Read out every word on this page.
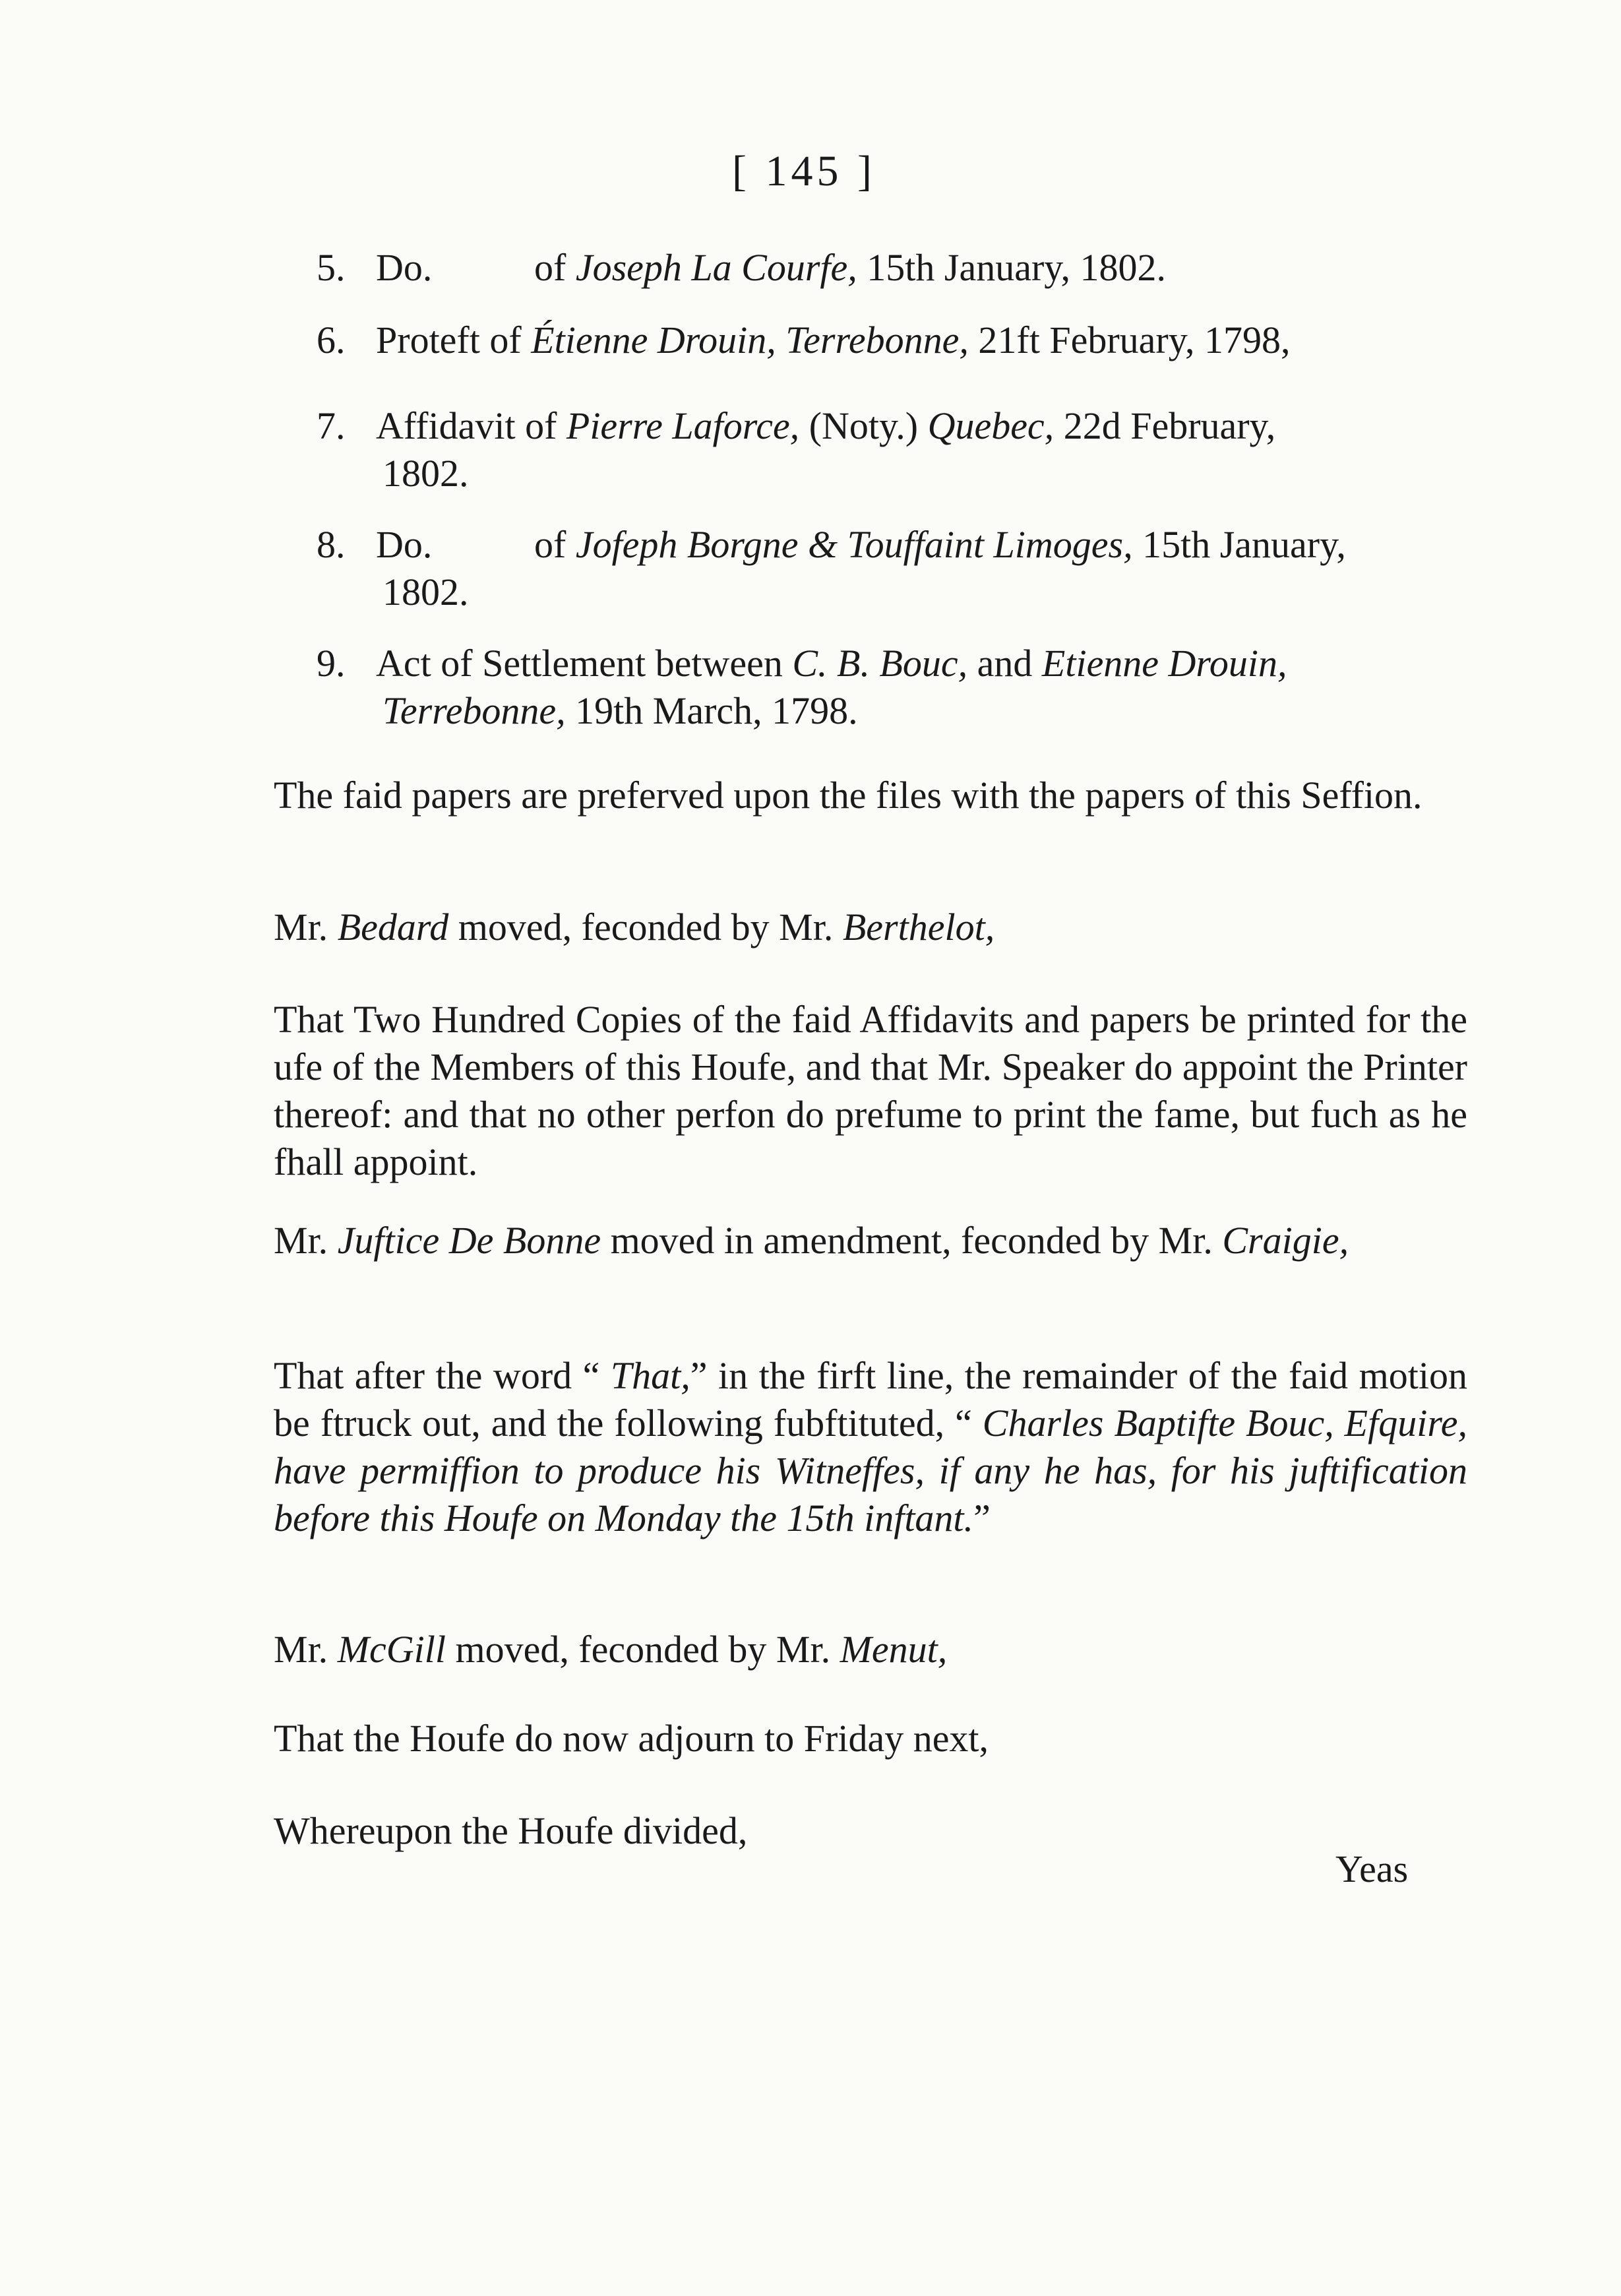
[ 145 ]
5. Do.	of Joseph La Courfe, 15th January, 1802.
6. Proteft of Étienne Drouin, Terrebonne, 21ft February, 1798,
7. Affidavit of Pierre Laforce, (Noty.) Quebec, 22d February,
1802.
8. Do.	of Jofeph Borgne & Touffaint Limoges, 15th January,
1802.
9. Act of Settlement between C. B. Bouc, and Etienne Drouin,
Terrebonne, 19th March, 1798.
The faid papers are preferved upon the files with the papers of this Seffion.
Mr. Bedard moved, feconded by Mr. Berthelot,
That Two Hundred Copies of the faid Affidavits and papers be printed for the ufe of the Members of this Houfe, and that Mr. Speaker do appoint the Printer thereof: and that no other perfon do prefume to print the fame, but fuch as he fhall appoint.
Mr. Juftice De Bonne moved in amendment, feconded by Mr. Craigie,
That after the word “ That,” in the firft line, the remainder of the faid motion be ftruck out, and the following fubftituted, “ Charles Baptifte Bouc, Efquire, have permiffion to produce his Witneffes, if any he has, for his juftification before this Houfe on Monday the 15th inftant.”
Mr. McGill moved, feconded by Mr. Menut,
That the Houfe do now adjourn to Friday next,
Whereupon the Houfe divided,
Yeas
